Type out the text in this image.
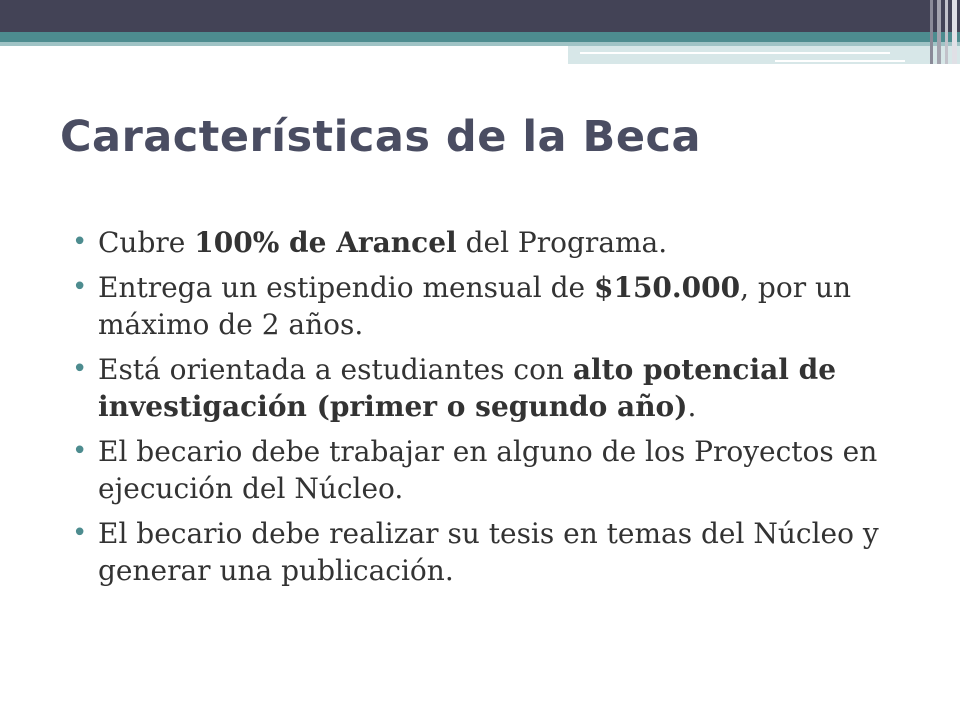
Características de la Beca
• Cubre 100% de Arancel del Programa.
• Entrega un estipendio mensual de $150.000, por un máximo de 2 años.
• Está orientada a estudiantes con alto potencial de investigación (primer o segundo año).
• El becario debe trabajar en alguno de los Proyectos en ejecución del Núcleo.
• El becario debe realizar su tesis en temas del Núcleo y generar una publicación.
